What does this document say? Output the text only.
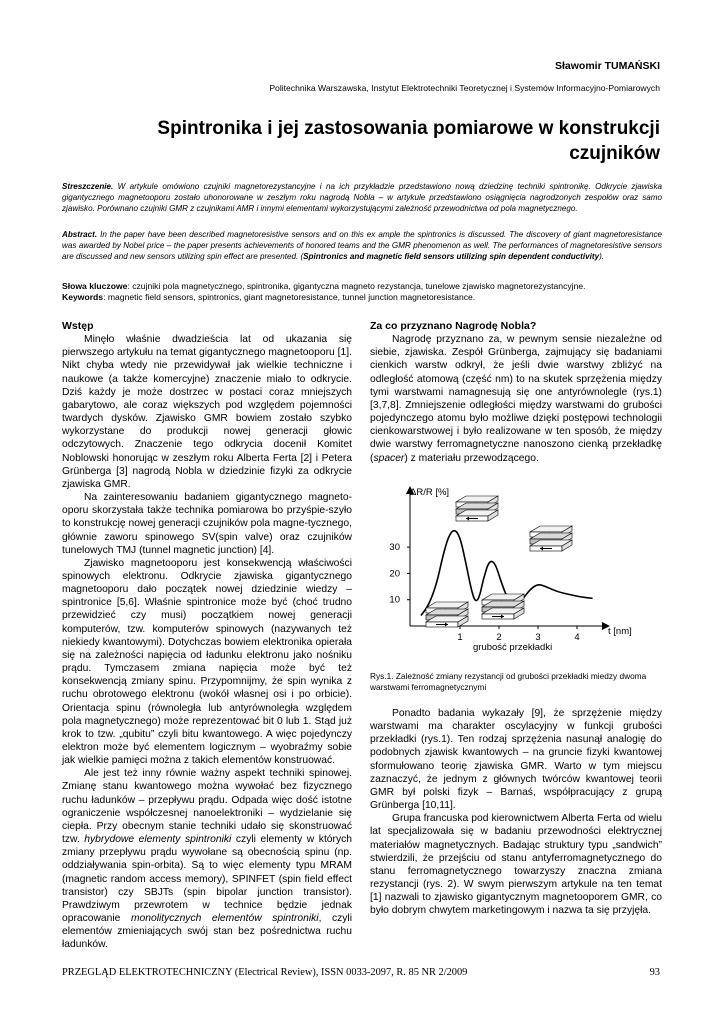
Sławomir TUMAŃSKI
Politechnika Warszawska, Instytut Elektrotechniki Teoretycznej i Systemów Informacyjno-Pomiarowych
Spintronika i jej zastosowania pomiarowe w konstrukcji
czujników
Streszczenie. W artykule omówiono czujniki magnetorezystancyjne i na ich przykładzie przedstawiono nową dziedzinę techniki spintronikę. Odkrycie zjawiska gigantycznego magnetooporu zostało uhonorowane w zeszłym roku nagrodą Nobla – w artykule przedstawiono osiągnięcia nagrodzonych zespołów oraz samo zjawisko. Porównano czujniki GMR z czujnikami AMR i innymi elementami wykorzystującymi zależność przewodnictwa od pola magnetycznego.
Abstract. In the paper have been described magnetoresistive sensors and on this ex ample the spintronics is discussed. The discovery of giant magnetoresistance was awarded by Nobel price – the paper presents achievements of honored teams and the GMR phenomenon as well. The performances of magnetoresistive sensors are discussed and new sensors utilizing spin effect are presented. (Spintronics and magnetic field sensors utilizing spin dependent conductivity).
Słowa kluczowe: czujniki pola magnetycznego, spintronika, gigantyczna magneto rezystancja, tunelowe zjawisko magnetorezystancyjne.
Keywords: magnetic field sensors, spintronics, giant magnetoresistance, tunnel junction magnetoresistance.
Wstęp

Minęło właśnie dwadzieścia lat od ukazania się pierwszego artykułu na temat gigantycznego magnetooporu [1]. Nikt chyba wtedy nie przewidywał jak wielkie techniczne i naukowe (a także komercyjne) znaczenie miało to odkrycie. Dziś każdy je może dostrzec w postaci coraz mniejszych gabarytowo, ale coraz większych pod względem pojemności twardych dysków. Zjawisko GMR bowiem zostało szybko wykorzystane do produkcji nowej generacji głowic odczytowych. Znaczenie tego odkrycia docenił Komitet Noblowski honorując w zeszłym roku Alberta Ferta [2] i Petera Grünberga [3] nagrodą Nobla w dziedzinie fizyki za odkrycie zjawiska GMR.

Na zainteresowaniu badaniem gigantycznego magneto-oporu skorzystała także technika pomiarowa bo przyśpie-szyło to konstrukcję nowej generacji czujników pola magne-tycznego, głównie zaworu spinowego SV(spin valve) oraz czujników tunelowych TMJ (tunnel magnetic junction) [4].

Zjawisko magnetooporu jest konsekwencją właściwości spinowych elektronu. Odkrycie zjawiska gigantycznego magnetooporu dało początek nowej dziedzinie wiedzy – spintronice [5,6]. Właśnie spintronice może być (choć trudno przewidzieć czy musi) początkiem nowej generacji komputerów, tzw. komputerów spinowych (nazywanych też niekiedy kwantowymi). Dotychczas bowiem elektronika opierała się na zależności napięcia od ładunku elektronu jako nośniku prądu. Tymczasem zmiana napięcia może być też konsekwencją zmiany spinu. Przypomnijmy, że spin wynika z ruchu obrotowego elektronu (wokół własnej osi i po orbicie). Orientacja spinu (równoległa lub antyrównoległa względem pola magnetycznego) może reprezentować bit 0 lub 1. Stąd już krok to tzw. „qubitu” czyli bitu kwantowego. A więc pojedynczy elektron może być elementem logicznym – wyobraźmy sobie jak wielkie pamięci można z takich elementów konstruować.

Ale jest też inny równie ważny aspekt techniki spinowej. Zmianę stanu kwantowego można wywołać bez fizycznego ruchu ładunków – przepływu prądu. Odpada więc dość istotne ograniczenie współczesnej nanoelektroniki – wydzielanie się ciepła. Przy obecnym stanie techniki udało się skonstruować tzw. hybrydowe elementy spintroniki czyli elementy w których zmiany przepływu prądu wywołane są obecnością spinu (np. oddziaływania spin-orbita). Są to więc elementy typu MRAM (magnetic random access memory), SPINFET (spin field effect transistor) czy SBJTs (spin bipolar junction transistor). Prawdziwym przewrotem w technice będzie jednak opracowanie monolitycznych elementów spintroniki, czyli elementów zmieniających swój stan bez pośrednictwa ruchu ładunków.

Za co przyznano Nagrodę Nobla?

Nagrodę przyznano za, w pewnym sensie niezależne od siebie, zjawiska. Zespół Grünberga, zajmujący się badaniami cienkich warstw odkrył, że jeśli dwie warstwy zbliżyć na odległość atomową (część nm) to na skutek sprzężenia między tymi warstwami namagnesują się one antyrównolegle (rys.1) [3,7,8]. Zmniejszenie odległości między warstwami do grubości pojedynczego atomu było możliwe dzięki postępowi technologii cienkowarstwowej i było realizowane w ten sposób, że między dwie warstwy ferromagnetyczne nanoszono cienką przekładkę (spacer) z materiału przewodzącego.

1	2	3	4
10
20
30
ΔR/R [%]
t [nm]
grubość przekładki
Rys.1. Zależność zmiany rezystancji od grubości przekładki miedzy dwoma warstwami ferromagnetycznymi

Ponadto badania wykazały [9], że sprzężenie między warstwami ma charakter oscylacyjny w funkcji grubości przekładki (rys.1). Ten rodzaj sprzężenia nasunął analogię do podobnych zjawisk kwantowych – na gruncie fizyki kwantowej sformułowano teorię zjawiska GMR. Warto w tym miejscu zaznaczyć, że jednym z głównych twórców kwantowej teorii GMR był polski fizyk – Barnaś, współpracujący z grupą Grünberga [10,11].

Grupa francuska pod kierownictwem Alberta Ferta od wielu lat specjalizowała się w badaniu przewodności elektrycznej materiałów magnetycznych. Badając struktury typu „sandwich” stwierdzili, że przejściu od stanu antyferromagnetycznego do stanu ferromagnetycznego towarzyszy znaczna zmiana rezystancji (rys. 2). W swym pierwszym artykule na ten temat [1] nazwali to zjawisko gigantycznym magnetooporem GMR, co było dobrym chwytem marketingowym i nazwa ta się przyjęła.

PRZEGLĄD ELEKTROTECHNICZNY (Electrical Review), ISSN 0033-2097, R. 85 NR 2/2009	93
